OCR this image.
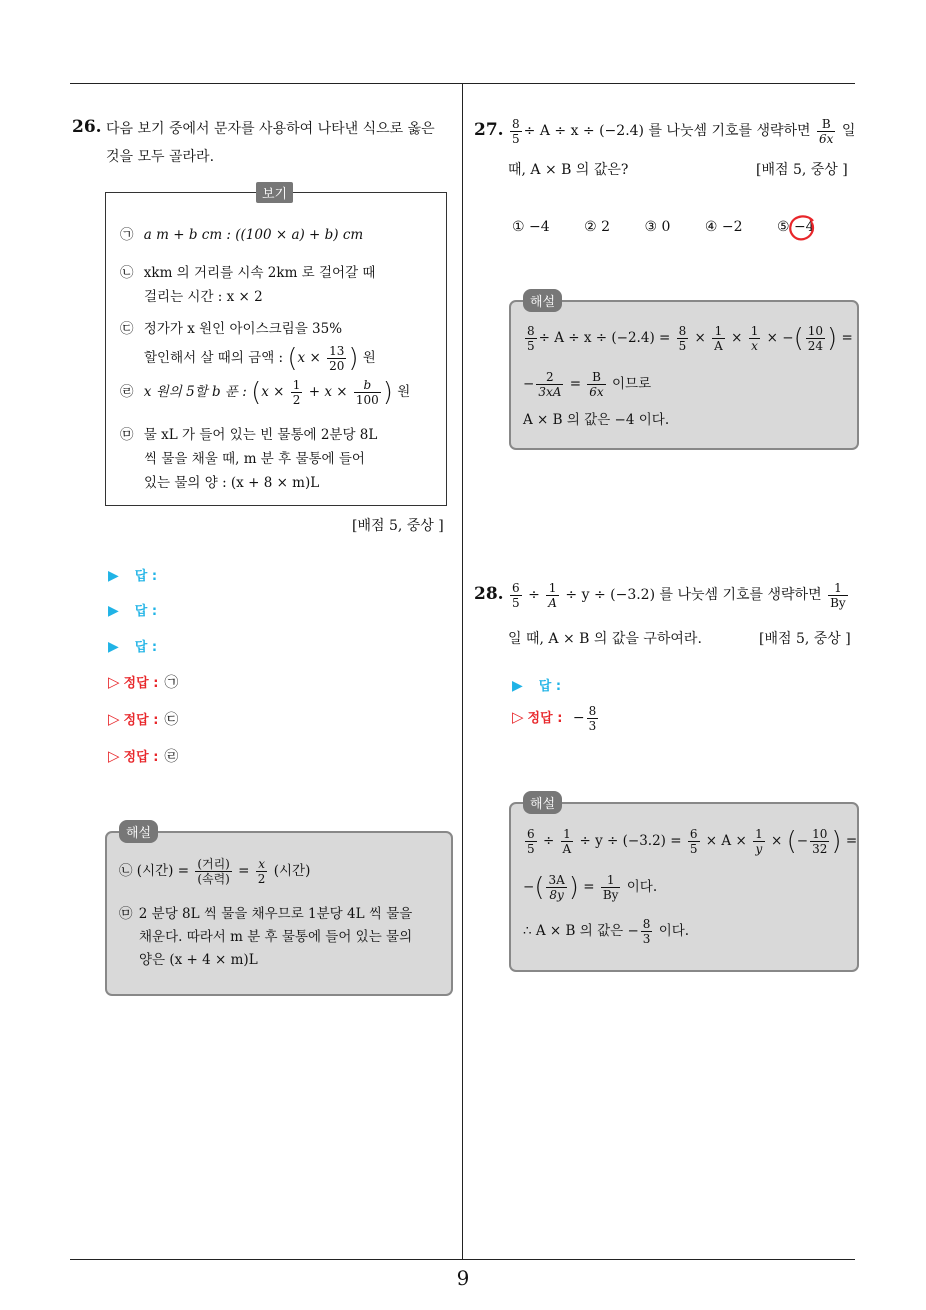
26. 다음 보기 중에서 문자를 사용하여 나타낸 식으로 옳은
것을 모두 골라라.
보기
㉠ a m + b cm : ((100 × a) + b) cm
㉡ xkm 의 거리를 시속 2km 로 걸어갈 때
걸리는 시간 : x × 2
㉢ 정가가 x 원인 아이스크림을 35%
할인해서 살 때의 금액 : ($x \times \frac{13}{20}$ ) 원
㉣ x 원의 5할 b 푼 : ($x \times \frac{1}{2} + x \times \frac{b}{100}$ ) 원
㉤ 물 xL 가 들어 있는 빈 물통에 2분당 8L
씩 물을 채울 때, m 분 후 물통에 들어
있는 물의 양 : (x + 8 × m)L
[배점 5, 중상 ]
▶ 답 :
▶ 답 :
▶ 답 :
▷ 정답 : ㉠
▷ 정답 : ㉢
▷ 정답 : ㉣
해설
㉡ (시간) = $\frac{\text{(거리)}}{\text{(속력)}} = \frac{x}{2}$ (시간)
㉤ 2 분당 8L 씩 물을 채우므로 1분당 4L 씩 물을
채운다. 따라서 m 분 후 물통에 들어 있는 물의
양은 (x + 4 × m)L
27. $\frac{8}{5} \div A \div x \div (-2.4)$ 를 나눗셈 기호를 생략하면 $\frac{B}{6x}$ 일
때, A × B 의 값은?	[배점 5, 중상 ]
① −4 ② 2 ③ 0 ④ −2 ⑤ −4
해설
$\frac{8}{5} \div A \div x \div (-2.4) = \frac{8}{5} \times \frac{1}{A} \times \frac{1}{x}$ × −( $\frac{10}{24}$ ) =
− $\frac{2}{3xA} = \frac{B}{6x}$ 이므로
A × B 의 값은 −4 이다.
28. $\frac{6}{5} \div \frac{1}{A} \div y \div (-3.2)$ 를 나눗셈 기호를 생략하면 $\frac{1}{By}$
일 때, A × B 의 값을 구하여라.	[배점 5, 중상 ]
▶ 답 :
▷ 정답 : − $\frac{8}{3}$
해설
$\frac{6}{5} \div \frac{1}{A} \div y \div (-3.2) = \frac{6}{5} \times A \times \frac{1}{y}$ × (− $\frac{10}{32}$ ) =
−( $\frac{3A}{8y}$ ) = $\frac{1}{By}$ 이다.
∴ A × B 의 값은 − $\frac{8}{3}$ 이다.
9
